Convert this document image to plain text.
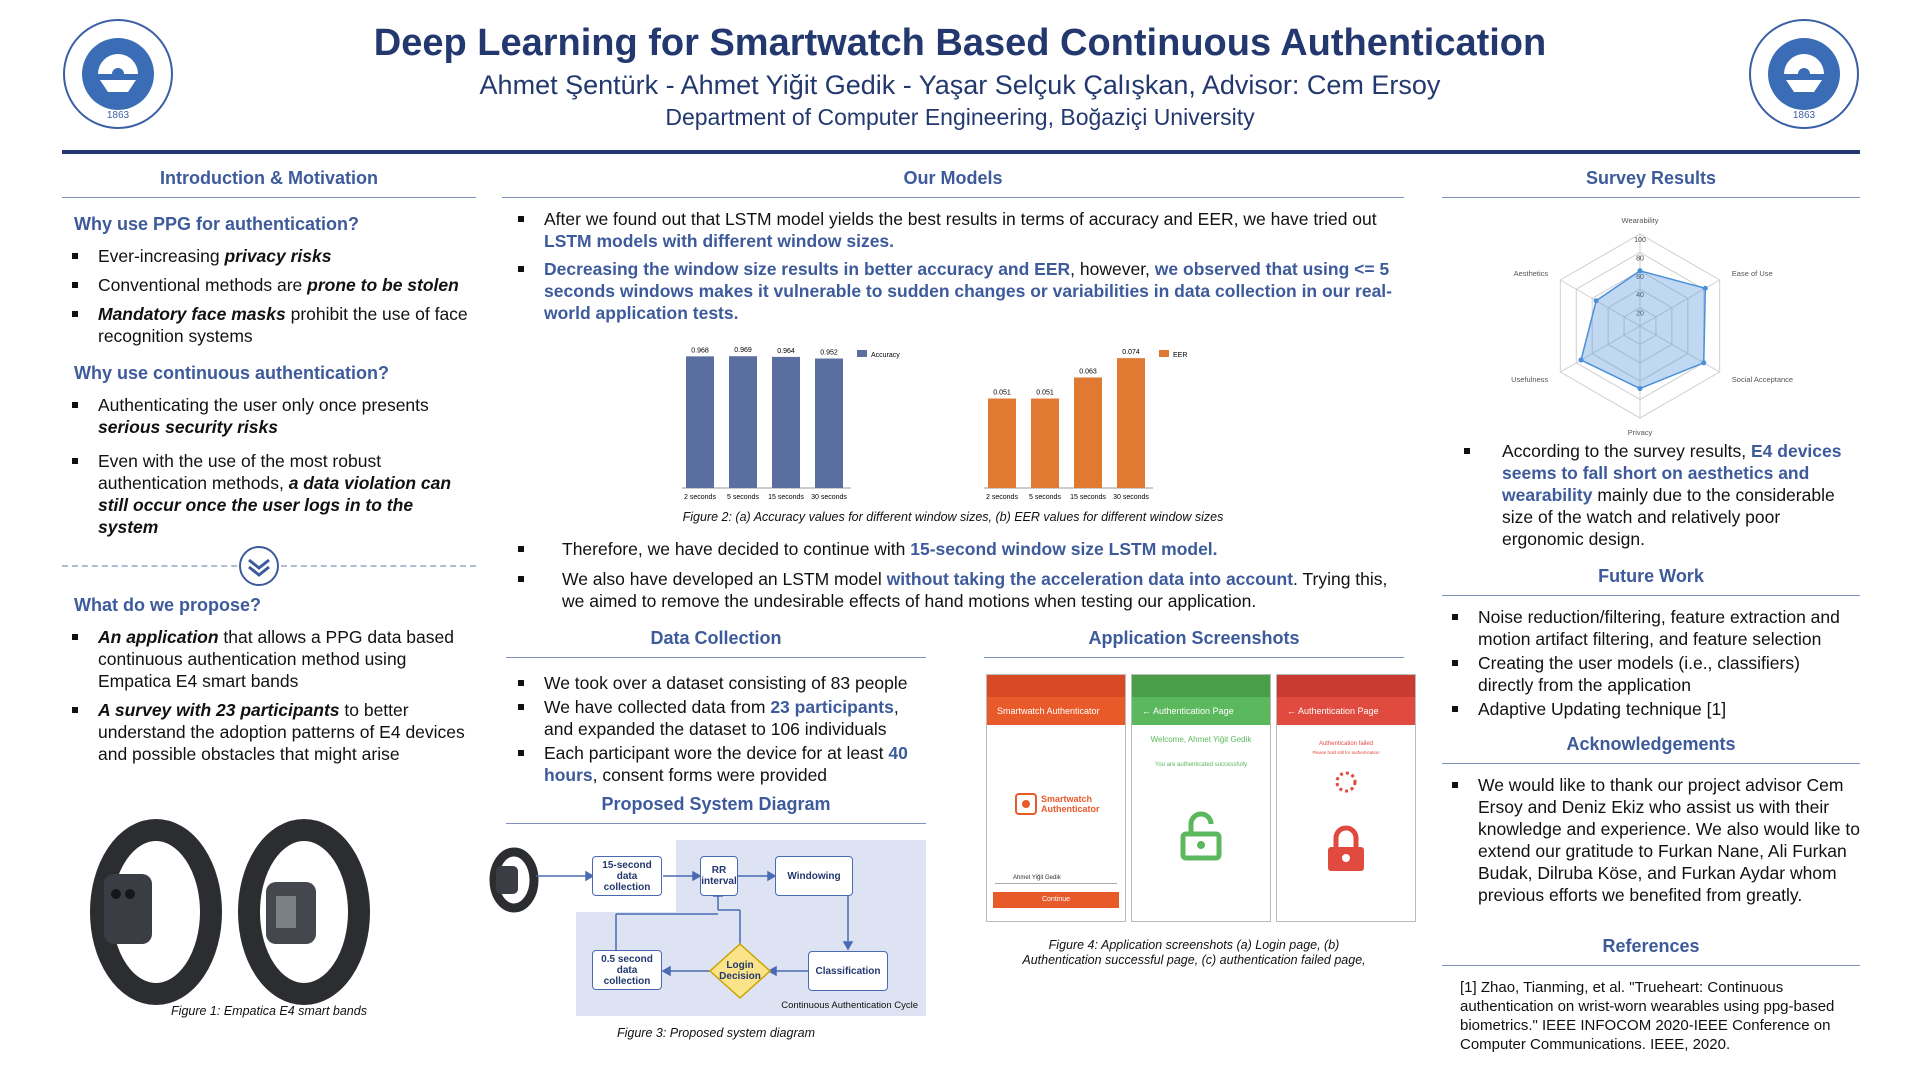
1863	1863
Deep Learning for Smartwatch Based Continuous Authentication
Ahmet Şentürk - Ahmet Yiğit Gedik - Yaşar Selçuk Çalışkan, Advisor: Cem Ersoy
Department of Computer Engineering, Boğaziçi University
Introduction & Motivation
Why use PPG for authentication?
Ever-increasing privacy risks
Conventional methods are prone to be stolen
Mandatory face masks prohibit the use of face recognition systems
Why use continuous authentication?
Authenticating the user only once presents serious security risks
Even with the use of the most robust authentication methods, a data violation can still occur once the user logs in to the system
What do we propose?
An application that allows a PPG data based continuous authentication method using Empatica E4 smart bands
A survey with 23 participants to better understand the adoption patterns of E4 devices and possible obstacles that might arise
Figure 1: Empatica E4 smart bands
Our Models
After we found out that LSTM model yields the best results in terms of accuracy and EER, we have tried out LSTM models with different window sizes.
Decreasing the window size results in better accuracy and EER, however, we observed that using <= 5 seconds windows makes it vulnerable to sudden changes or variabilities in data collection in our real-world application tests.
0.968
2 seconds
0.969
5 seconds
0.964
15 seconds
0.952
30 seconds
Accuracy
0.051
2 seconds
0.051
5 seconds
0.063
15 seconds
0.074
30 seconds
EER
Figure 2: (a) Accuracy values for different window sizes, (b) EER values for different window sizes
Therefore, we have decided to continue with 15-second window size LSTM model.
We also have developed an LSTM model without taking the acceleration data into account. Trying this, we aimed to remove the undesirable effects of hand motions when testing our application.
Data Collection
We took over a dataset consisting of 83 people
We have collected data from 23 participants, and expanded the dataset to 106 individuals
Each participant wore the device for at least 40 hours, consent forms were provided
Proposed System Diagram
15-second data collection
RR interval	Windowing
Classification
Login Decision
0.5 second data collection
Continuous Authentication Cycle
Figure 3: Proposed system diagram
Application Screenshots
Smartwatch Authenticator
Smartwatch
Authenticator
Ahmet Yiğit Gedik
Continue
← Authentication Page
Welcome, Ahmet Yiğit Gedik
You are authenticated successfully
← Authentication Page
Authentication failed
Please hold still for authentication
Figure 4: Application screenshots (a) Login page, (b)
Authentication successful page, (c) authentication failed page,
Survey Results
Wearability
Ease of Use
Social Acceptance
Privacy
Usefulness
Aesthetics
100
80
60
40
20
According to the survey results, E4 devices seems to fall short on aesthetics and wearability mainly due to the considerable size of the watch and relatively poor ergonomic design.
Future Work
Noise reduction/filtering, feature extraction and motion artifact filtering, and feature selection
Creating the user models (i.e., classifiers) directly from the application
Adaptive Updating technique [1]
Acknowledgements
We would like to thank our project advisor Cem Ersoy and Deniz Ekiz who assist us with their knowledge and experience. We also would like to extend our gratitude to Furkan Nane, Ali Furkan Budak, Dilruba Köse, and Furkan Aydar whom previous efforts we benefited from greatly.
References
[1] Zhao, Tianming, et al. "Trueheart: Continuous authentication on wrist-worn wearables using ppg-based biometrics." IEEE INFOCOM 2020-IEEE Conference on Computer Communications. IEEE, 2020.
